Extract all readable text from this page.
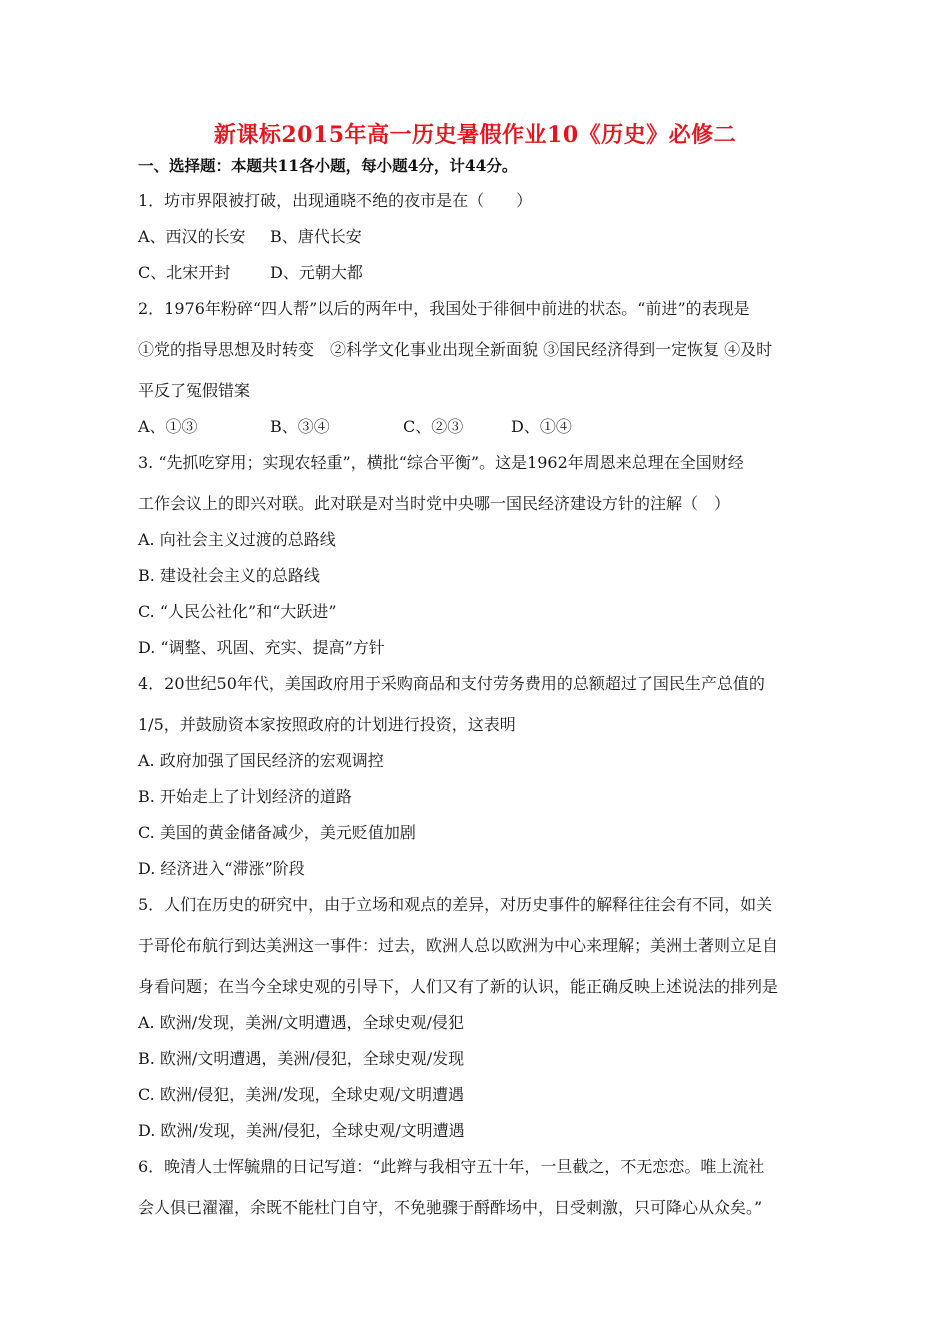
新课标2015年高一历史暑假作业10《历史》必修二
一、选择题：本题共11各小题，每小题4分，计44分。
1．坊市界限被打破，出现通晓不绝的夜市是在（　　）
A、西汉的长安 B、唐代长安
C、北宋开封 D、元朝大都
2．1976年粉碎“四人帮”以后的两年中，我国处于徘徊中前进的状态。“前进”的表现是
①党的指导思想及时转变　②科学文化事业出现全新面貌 ③国民经济得到一定恢复 ④及时
平反了冤假错案
A、①③	B、③④	C、②③	D、①④
3. “先抓吃穿用；实现农轻重”，横批“综合平衡”。这是1962年周恩来总理在全国财经
工作会议上的即兴对联。此对联是对当时党中央哪一国民经济建设方针的注解（　）
A. 向社会主义过渡的总路线
B. 建设社会主义的总路线
C. “人民公社化”和“大跃进”
D. “调整、巩固、充实、提高”方针
4．20世纪50年代，美国政府用于采购商品和支付劳务费用的总额超过了国民生产总值的
1/5，并鼓励资本家按照政府的计划进行投资，这表明
A. 政府加强了国民经济的宏观调控
B. 开始走上了计划经济的道路
C. 美国的黄金储备减少，美元贬值加剧
D. 经济进入“滞涨”阶段
5．人们在历史的研究中，由于立场和观点的差异，对历史事件的解释往往会有不同，如关
于哥伦布航行到达美洲这一事件：过去，欧洲人总以欧洲为中心来理解；美洲土著则立足自
身看问题；在当今全球史观的引导下，人们又有了新的认识，能正确反映上述说法的排列是
A. 欧洲/发现，美洲/文明遭遇，全球史观/侵犯
B. 欧洲/文明遭遇，美洲/侵犯，全球史观/发现
C. 欧洲/侵犯，美洲/发现，全球史观/文明遭遇
D. 欧洲/发现，美洲/侵犯，全球史观/文明遭遇
6．晚清人士恽毓鼎的日记写道：“此辫与我相守五十年，一旦截之，不无恋恋。唯上流社
会人俱已濯濯，余既不能杜门自守，不免驰骤于酹酢场中，日受刺激，只可降心从众矣。”
